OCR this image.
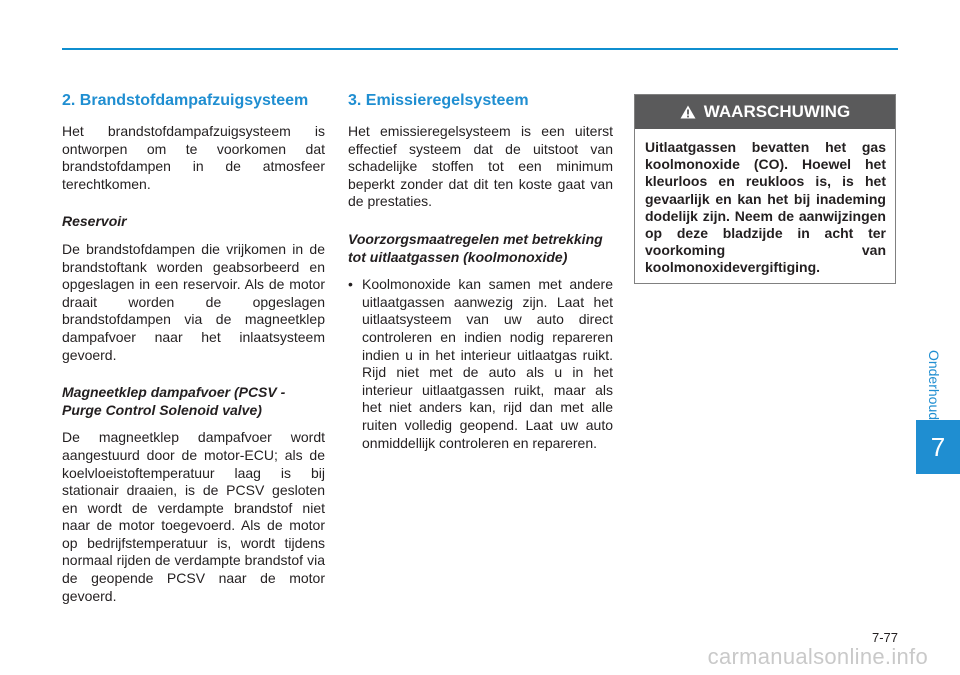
2. Brandstofdampafzuigsysteem

Het brandstofdampafzuigsysteem is ontworpen om te voorkomen dat brandstofdampen in de atmosfeer terechtkomen.

Reservoir

De brandstofdampen die vrijkomen in de brandstoftank worden geabsorbeerd en opgeslagen in een reservoir. Als de motor draait worden de opgeslagen brandstofdampen via de magneetklep dampafvoer naar het inlaatsysteem gevoerd.

Magneetklep dampafvoer (PCSV - Purge Control Solenoid valve)

De magneetklep dampafvoer wordt aangestuurd door de motor-ECU; als de koelvloeistoftemperatuur laag is bij stationair draaien, is de PCSV gesloten en wordt de verdampte brandstof niet naar de motor toegevoerd. Als de motor op bedrijfstemperatuur is, wordt tijdens normaal rijden de verdampte brandstof via de geopende PCSV naar de motor gevoerd.

3. Emissieregelsysteem

Het emissieregelsysteem is een uiterst effectief systeem dat de uitstoot van schadelijke stoffen tot een minimum beperkt zonder dat dit ten koste gaat van de prestaties.

Voorzorgsmaatregelen met betrekking tot uitlaatgassen (koolmonoxide)
• Koolmonoxide kan samen met andere uitlaatgassen aanwezig zijn. Laat het uitlaatsysteem van uw auto direct controleren en indien nodig repareren indien u in het interieur uitlaatgas ruikt. Rijd niet met de auto als u in het interieur uitlaatgassen ruikt, maar als het niet anders kan, rijd dan met alle ruiten volledig geopend. Laat uw auto onmiddellijk controleren en repareren.
WAARSCHUWING
Uitlaatgassen bevatten het gas koolmonoxide (CO). Hoewel het kleurloos en reukloos is, is het gevaarlijk en kan het bij inademing dodelijk zijn. Neem de aanwijzingen op deze bladzijde in acht ter voorkoming van koolmonoxidevergiftiging.
Onderhoud
7
7-77
carmanualsonline.info
